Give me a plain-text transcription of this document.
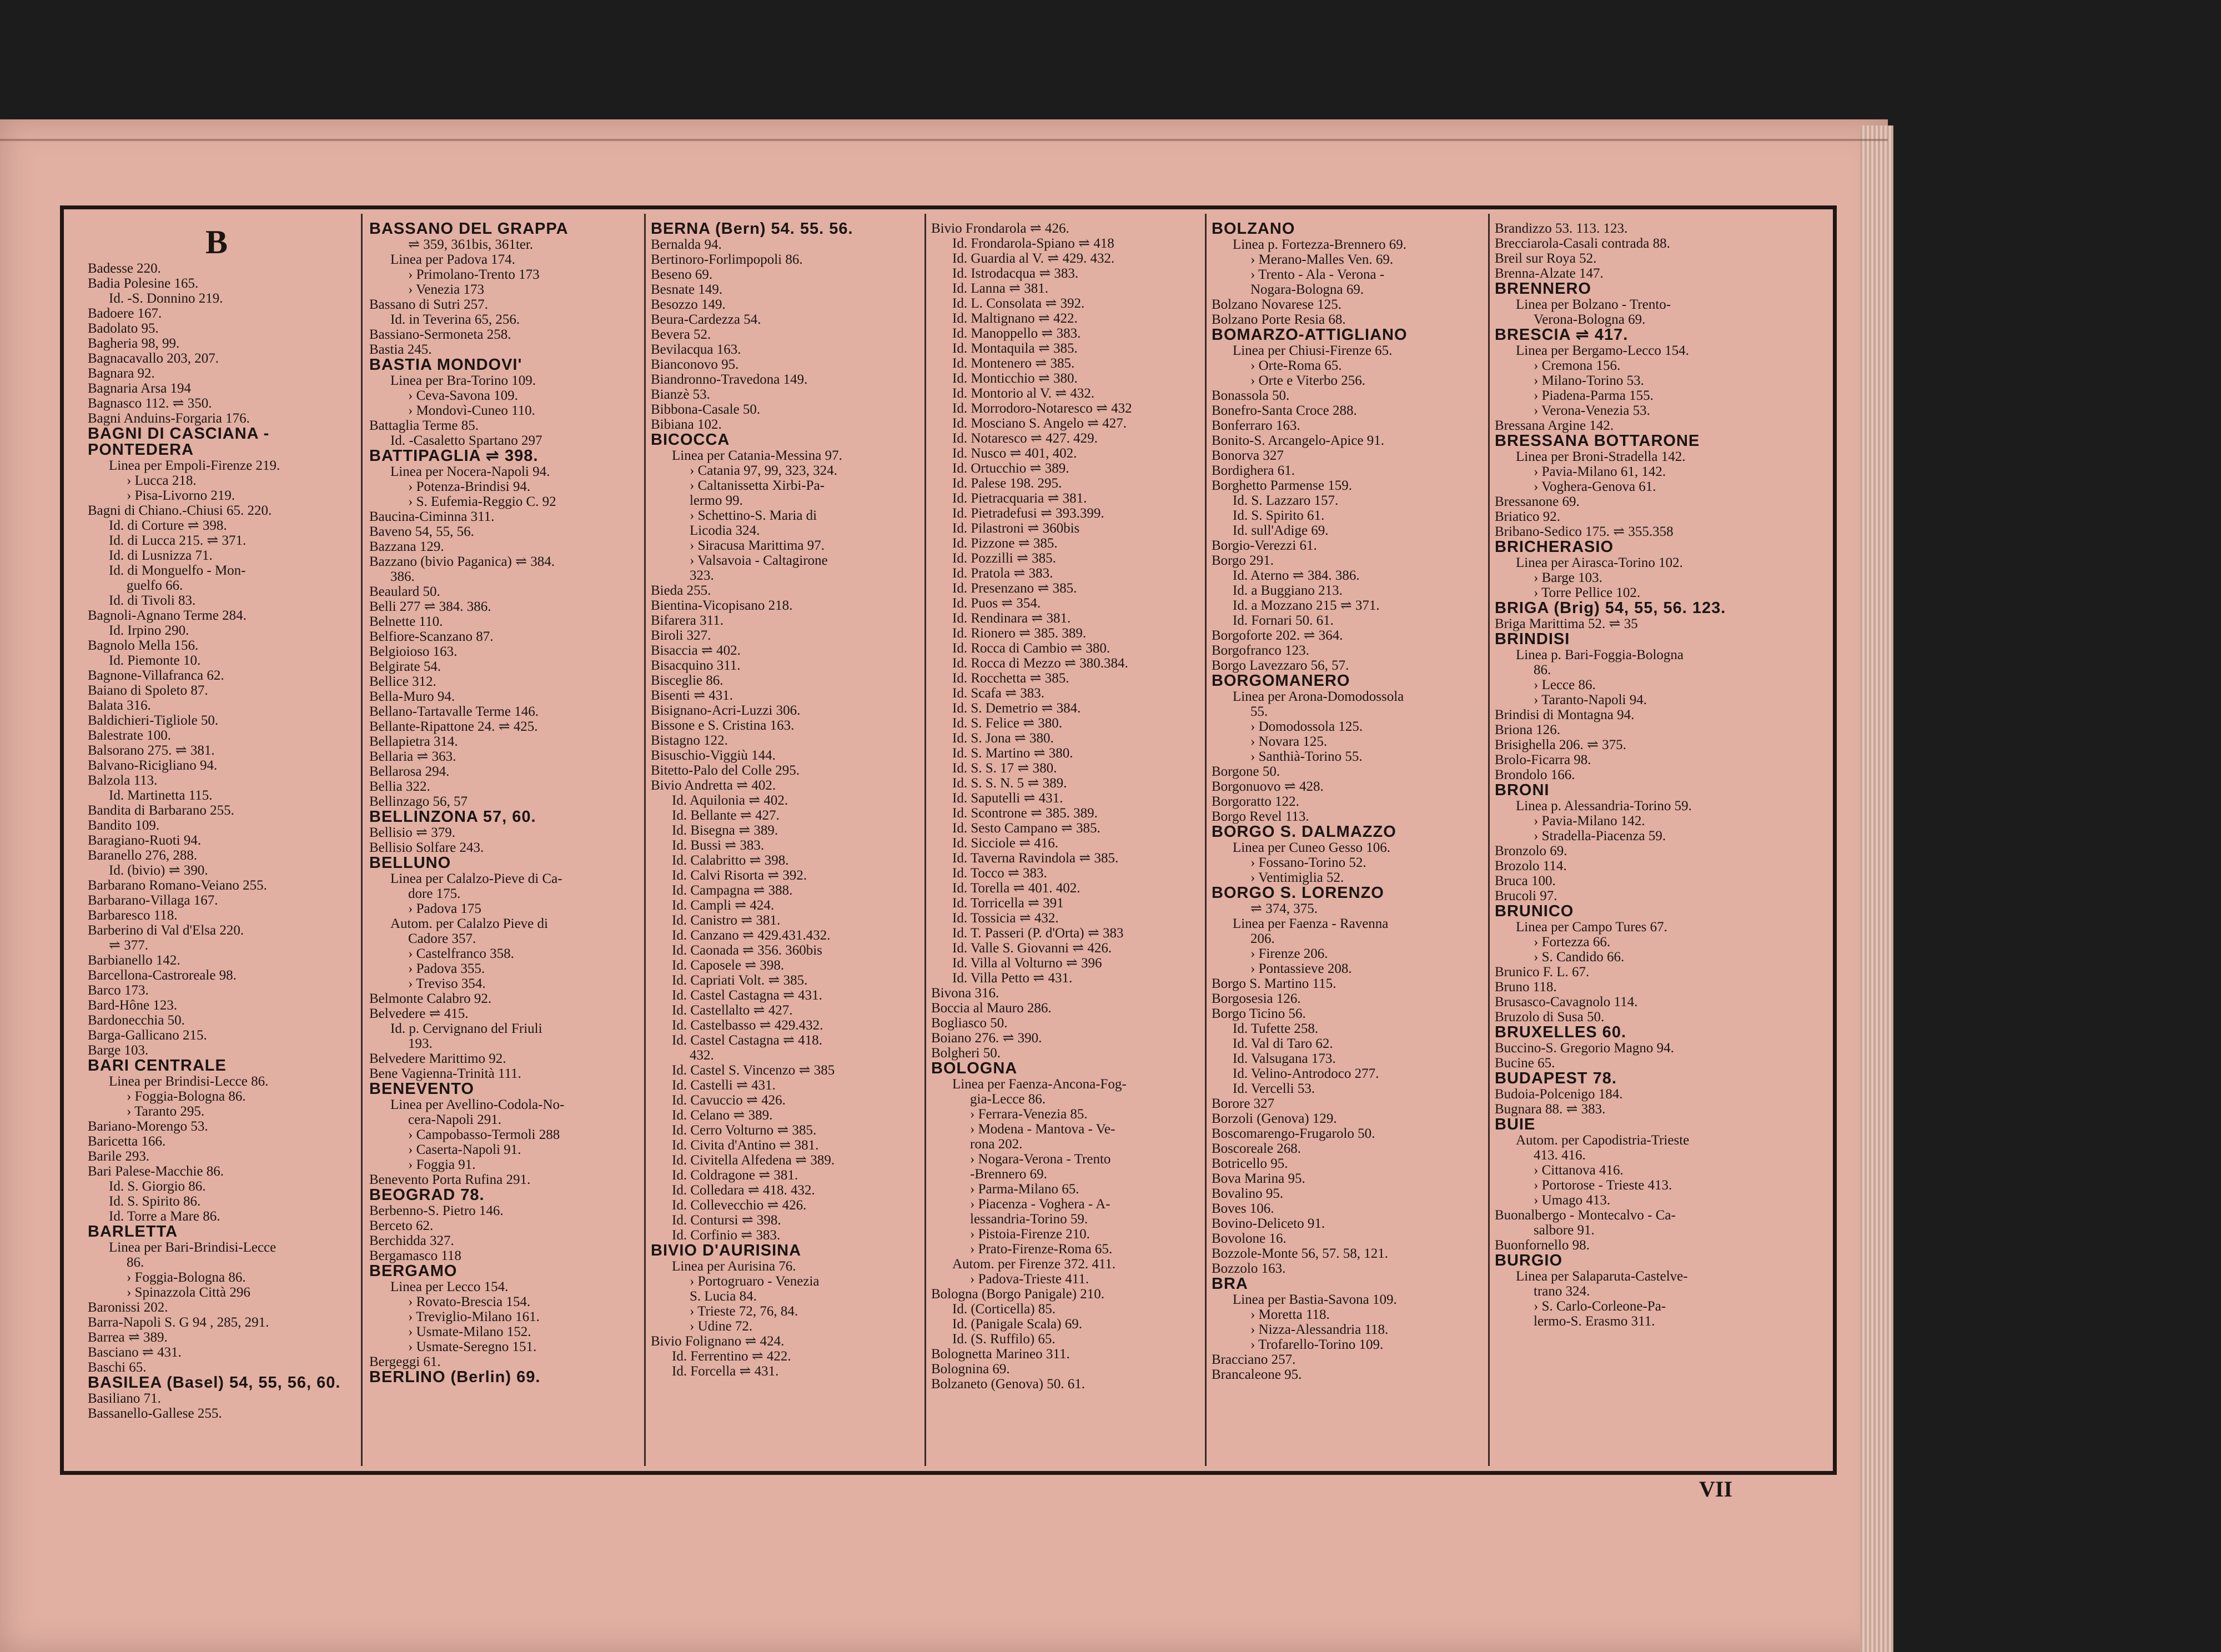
B
Badesse 220.
Badia Polesine 165.
Id. -S. Donnino 219.
Badoere 167.
Badolato 95.
Bagheria 98, 99.
Bagnacavallo 203, 207.
Bagnara 92.
Bagnaria Arsa 194
Bagnasco 112. ⇌ 350.
Bagni Anduins-Forgaria 176.
BAGNI DI CASCIANA -
PONTEDERA
Linea per Empoli-Firenze 219.
› Lucca 218.
› Pisa-Livorno 219.
Bagni di Chiano.-Chiusi 65. 220.
Id. di Corture ⇌ 398.
Id. di Lucca 215. ⇌ 371.
Id. di Lusnizza 71.
Id. di Monguelfo - Mon-
guelfo 66.
Id. di Tivoli 83.
Bagnoli-Agnano Terme 284.
Id. Irpino 290.
Bagnolo Mella 156.
Id. Piemonte 10.
Bagnone-Villafranca 62.
Baiano di Spoleto 87.
Balata 316.
Baldichieri-Tigliole 50.
Balestrate 100.
Balsorano 275. ⇌ 381.
Balvano-Ricigliano 94.
Balzola 113.
Id. Martinetta 115.
Bandita di Barbarano 255.
Bandito 109.
Baragiano-Ruoti 94.
Baranello 276, 288.
Id. (bivio) ⇌ 390.
Barbarano Romano-Veiano 255.
Barbarano-Villaga 167.
Barbaresco 118.
Barberino di Val d'Elsa 220.
⇌ 377.
Barbianello 142.
Barcellona-Castroreale 98.
Barco 173.
Bard-Hône 123.
Bardonecchia 50.
Barga-Gallicano 215.
Barge 103.
BARI CENTRALE
Linea per Brindisi-Lecce 86.
› Foggia-Bologna 86.
› Taranto 295.
Bariano-Morengo 53.
Baricetta 166.
Barile 293.
Bari Palese-Macchie 86.
Id. S. Giorgio 86.
Id. S. Spirito 86.
Id. Torre a Mare 86.
BARLETTA
Linea per Bari-Brindisi-Lecce
86.
› Foggia-Bologna 86.
› Spinazzola Città 296
Baronissi 202.
Barra-Napoli S. G 94 , 285, 291.
Barrea ⇌ 389.
Basciano ⇌ 431.
Baschi 65.
BASILEA (Basel) 54, 55, 56, 60.
Basiliano 71.
Bassanello-Gallese 255.
BASSANO DEL GRAPPA
⇌ 359, 361bis, 361ter.
Linea per Padova 174.
› Primolano-Trento 173
› Venezia 173
Bassano di Sutri 257.
Id. in Teverina 65, 256.
Bassiano-Sermoneta 258.
Bastia 245.
BASTIA MONDOVI'
Linea per Bra-Torino 109.
› Ceva-Savona 109.
› Mondovì-Cuneo 110.
Battaglia Terme 85.
Id. -Casaletto Spartano 297
BATTIPAGLIA ⇌ 398.
Linea per Nocera-Napoli 94.
› Potenza-Brindisi 94.
› S. Eufemia-Reggio C. 92
Baucina-Ciminna 311.
Baveno 54, 55, 56.
Bazzana 129.
Bazzano (bivio Paganica) ⇌ 384.
386.
Beaulard 50.
Belli 277 ⇌ 384. 386.
Belnette 110.
Belfiore-Scanzano 87.
Belgioioso 163.
Belgirate 54.
Bellice 312.
Bella-Muro 94.
Bellano-Tartavalle Terme 146.
Bellante-Ripattone 24. ⇌ 425.
Bellapietra 314.
Bellaria ⇌ 363.
Bellarosa 294.
Bellia 322.
Bellinzago 56, 57
BELLINZONA 57, 60.
Bellisio ⇌ 379.
Bellisio Solfare 243.
BELLUNO
Linea per Calalzo-Pieve di Ca-
dore 175.
› Padova 175
Autom. per Calalzo Pieve di
Cadore 357.
› Castelfranco 358.
› Padova 355.
› Treviso 354.
Belmonte Calabro 92.
Belvedere ⇌ 415.
Id. p. Cervignano del Friuli
193.
Belvedere Marittimo 92.
Bene Vagienna-Trinità 111.
BENEVENTO
Linea per Avellino-Codola-No-
cera-Napoli 291.
› Campobasso-Termoli 288
› Caserta-Napoli 91.
› Foggia 91.
Benevento Porta Rufina 291.
BEOGRAD 78.
Berbenno-S. Pietro 146.
Berceto 62.
Berchidda 327.
Bergamasco 118
BERGAMO
Linea per Lecco 154.
› Rovato-Brescia 154.
› Treviglio-Milano 161.
› Usmate-Milano 152.
› Usmate-Seregno 151.
Bergeggi 61.
BERLINO (Berlin) 69.
BERNA (Bern) 54. 55. 56.
Bernalda 94.
Bertinoro-Forlimpopoli 86.
Beseno 69.
Besnate 149.
Besozzo 149.
Beura-Cardezza 54.
Bevera 52.
Bevilacqua 163.
Bianconovo 95.
Biandronno-Travedona 149.
Bianzè 53.
Bibbona-Casale 50.
Bibiana 102.
BICOCCA
Linea per Catania-Messina 97.
› Catania 97, 99, 323, 324.
› Caltanissetta Xirbi-Pa-
lermo 99.
› Schettino-S. Maria di
Licodia 324.
› Siracusa Marittima 97.
› Valsavoia - Caltagirone
323.
Bieda 255.
Bientina-Vicopisano 218.
Bifarera 311.
Biroli 327.
Bisaccia ⇌ 402.
Bisacquino 311.
Bisceglie 86.
Bisenti ⇌ 431.
Bisignano-Acri-Luzzi 306.
Bissone e S. Cristina 163.
Bistagno 122.
Bisuschio-Viggiù 144.
Bitetto-Palo del Colle 295.
Bivio Andretta ⇌ 402.
Id. Aquilonia ⇌ 402.
Id. Bellante ⇌ 427.
Id. Bisegna ⇌ 389.
Id. Bussi ⇌ 383.
Id. Calabritto ⇌ 398.
Id. Calvi Risorta ⇌ 392.
Id. Campagna ⇌ 388.
Id. Campli ⇌ 424.
Id. Canistro ⇌ 381.
Id. Canzano ⇌ 429.431.432.
Id. Caonada ⇌ 356. 360bis
Id. Caposele ⇌ 398.
Id. Capriati Volt. ⇌ 385.
Id. Castel Castagna ⇌ 431.
Id. Castellalto ⇌ 427.
Id. Castelbasso ⇌ 429.432.
Id. Castel Castagna ⇌ 418.
432.
Id. Castel S. Vincenzo ⇌ 385
Id. Castelli ⇌ 431.
Id. Cavuccio ⇌ 426.
Id. Celano ⇌ 389.
Id. Cerro Volturno ⇌ 385.
Id. Civita d'Antino ⇌ 381.
Id. Civitella Alfedena ⇌ 389.
Id. Coldragone ⇌ 381.
Id. Colledara ⇌ 418. 432.
Id. Collevecchio ⇌ 426.
Id. Contursi ⇌ 398.
Id. Corfinio ⇌ 383.
BIVIO D'AURISINA
Linea per Aurisina 76.
› Portogruaro - Venezia
S. Lucia 84.
› Trieste 72, 76, 84.
› Udine 72.
Bivio Folignano ⇌ 424.
Id. Ferrentino ⇌ 422.
Id. Forcella ⇌ 431.
Bivio Frondarola ⇌ 426.
Id. Frondarola-Spiano ⇌ 418
Id. Guardia al V. ⇌ 429. 432.
Id. Istrodacqua ⇌ 383.
Id. Lanna ⇌ 381.
Id. L. Consolata ⇌ 392.
Id. Maltignano ⇌ 422.
Id. Manoppello ⇌ 383.
Id. Montaquila ⇌ 385.
Id. Montenero ⇌ 385.
Id. Monticchio ⇌ 380.
Id. Montorio al V. ⇌ 432.
Id. Morrodoro-Notaresco ⇌ 432
Id. Mosciano S. Angelo ⇌ 427.
Id. Notaresco ⇌ 427. 429.
Id. Nusco ⇌ 401, 402.
Id. Ortucchio ⇌ 389.
Id. Palese 198. 295.
Id. Pietracquaria ⇌ 381.
Id. Pietradefusi ⇌ 393.399.
Id. Pilastroni ⇌ 360bis
Id. Pizzone ⇌ 385.
Id. Pozzilli ⇌ 385.
Id. Pratola ⇌ 383.
Id. Presenzano ⇌ 385.
Id. Puos ⇌ 354.
Id. Rendinara ⇌ 381.
Id. Rionero ⇌ 385. 389.
Id. Rocca di Cambio ⇌ 380.
Id. Rocca di Mezzo ⇌ 380.384.
Id. Rocchetta ⇌ 385.
Id. Scafa ⇌ 383.
Id. S. Demetrio ⇌ 384.
Id. S. Felice ⇌ 380.
Id. S. Jona ⇌ 380.
Id. S. Martino ⇌ 380.
Id. S. S. 17 ⇌ 380.
Id. S. S. N. 5 ⇌ 389.
Id. Saputelli ⇌ 431.
Id. Scontrone ⇌ 385. 389.
Id. Sesto Campano ⇌ 385.
Id. Sicciole ⇌ 416.
Id. Taverna Ravindola ⇌ 385.
Id. Tocco ⇌ 383.
Id. Torella ⇌ 401. 402.
Id. Torricella ⇌ 391
Id. Tossicia ⇌ 432.
Id. T. Passeri (P. d'Orta) ⇌ 383
Id. Valle S. Giovanni ⇌ 426.
Id. Villa al Volturno ⇌ 396
Id. Villa Petto ⇌ 431.
Bivona 316.
Boccia al Mauro 286.
Bogliasco 50.
Boiano 276. ⇌ 390.
Bolgheri 50.
BOLOGNA
Linea per Faenza-Ancona-Fog-
gia-Lecce 86.
› Ferrara-Venezia 85.
› Modena - Mantova - Ve-
rona 202.
› Nogara-Verona - Trento
-Brennero 69.
› Parma-Milano 65.
› Piacenza - Voghera - A-
lessandria-Torino 59.
› Pistoia-Firenze 210.
› Prato-Firenze-Roma 65.
Autom. per Firenze 372. 411.
› Padova-Trieste 411.
Bologna (Borgo Panigale) 210.
Id. (Corticella) 85.
Id. (Panigale Scala) 69.
Id. (S. Ruffilo) 65.
Bolognetta Marineo 311.
Bolognina 69.
Bolzaneto (Genova) 50. 61.
BOLZANO
Linea p. Fortezza-Brennero 69.
› Merano-Malles Ven. 69.
› Trento - Ala - Verona -
Nogara-Bologna 69.
Bolzano Novarese 125.
Bolzano Porte Resia 68.
BOMARZO-ATTIGLIANO
Linea per Chiusi-Firenze 65.
› Orte-Roma 65.
› Orte e Viterbo 256.
Bonassola 50.
Bonefro-Santa Croce 288.
Bonferraro 163.
Bonito-S. Arcangelo-Apice 91.
Bonorva 327
Bordighera 61.
Borghetto Parmense 159.
Id. S. Lazzaro 157.
Id. S. Spirito 61.
Id. sull'Adige 69.
Borgio-Verezzi 61.
Borgo 291.
Id. Aterno ⇌ 384. 386.
Id. a Buggiano 213.
Id. a Mozzano 215 ⇌ 371.
Id. Fornari 50. 61.
Borgoforte 202. ⇌ 364.
Borgofranco 123.
Borgo Lavezzaro 56, 57.
BORGOMANERO
Linea per Arona-Domodossola
55.
› Domodossola 125.
› Novara 125.
› Santhià-Torino 55.
Borgone 50.
Borgonuovo ⇌ 428.
Borgoratto 122.
Borgo Revel 113.
BORGO S. DALMAZZO
Linea per Cuneo Gesso 106.
› Fossano-Torino 52.
› Ventimiglia 52.
BORGO S. LORENZO
⇌ 374, 375.
Linea per Faenza - Ravenna
206.
› Firenze 206.
› Pontassieve 208.
Borgo S. Martino 115.
Borgosesia 126.
Borgo Ticino 56.
Id. Tufette 258.
Id. Val di Taro 62.
Id. Valsugana 173.
Id. Velino-Antrodoco 277.
Id. Vercelli 53.
Borore 327
Borzoli (Genova) 129.
Boscomarengo-Frugarolo 50.
Boscoreale 268.
Botricello 95.
Bova Marina 95.
Bovalino 95.
Boves 106.
Bovino-Deliceto 91.
Bovolone 16.
Bozzole-Monte 56, 57. 58, 121.
Bozzolo 163.
BRA
Linea per Bastia-Savona 109.
› Moretta 118.
› Nizza-Alessandria 118.
› Trofarello-Torino 109.
Bracciano 257.
Brancaleone 95.
Brandizzo 53. 113. 123.
Brecciarola-Casali contrada 88.
Breil sur Roya 52.
Brenna-Alzate 147.
BRENNERO
Linea per Bolzano - Trento-
Verona-Bologna 69.
BRESCIA ⇌ 417.
Linea per Bergamo-Lecco 154.
› Cremona 156.
› Milano-Torino 53.
› Piadena-Parma 155.
› Verona-Venezia 53.
Bressana Argine 142.
BRESSANA BOTTARONE
Linea per Broni-Stradella 142.
› Pavia-Milano 61, 142.
› Voghera-Genova 61.
Bressanone 69.
Briatico 92.
Bribano-Sedico 175. ⇌ 355.358
BRICHERASIO
Linea per Airasca-Torino 102.
› Barge 103.
› Torre Pellice 102.
BRIGA (Brig) 54, 55, 56. 123.
Briga Marittima 52. ⇌ 35
BRINDISI
Linea p. Bari-Foggia-Bologna
86.
› Lecce 86.
› Taranto-Napoli 94.
Brindisi di Montagna 94.
Briona 126.
Brisighella 206. ⇌ 375.
Brolo-Ficarra 98.
Brondolo 166.
BRONI
Linea p. Alessandria-Torino 59.
› Pavia-Milano 142.
› Stradella-Piacenza 59.
Bronzolo 69.
Brozolo 114.
Bruca 100.
Brucoli 97.
BRUNICO
Linea per Campo Tures 67.
› Fortezza 66.
› S. Candido 66.
Brunico F. L. 67.
Bruno 118.
Brusasco-Cavagnolo 114.
Bruzolo di Susa 50.
BRUXELLES 60.
Buccino-S. Gregorio Magno 94.
Bucine 65.
BUDAPEST 78.
Budoia-Polcenigo 184.
Bugnara 88. ⇌ 383.
BUIE
Autom. per Capodistria-Trieste
413. 416.
› Cittanova 416.
› Portorose - Trieste 413.
› Umago 413.
Buonalbergo - Montecalvo - Ca-
salbore 91.
Buonfornello 98.
BURGIO
Linea per Salaparuta-Castelve-
trano 324.
› S. Carlo-Corleone-Pa-
lermo-S. Erasmo 311.
VII
